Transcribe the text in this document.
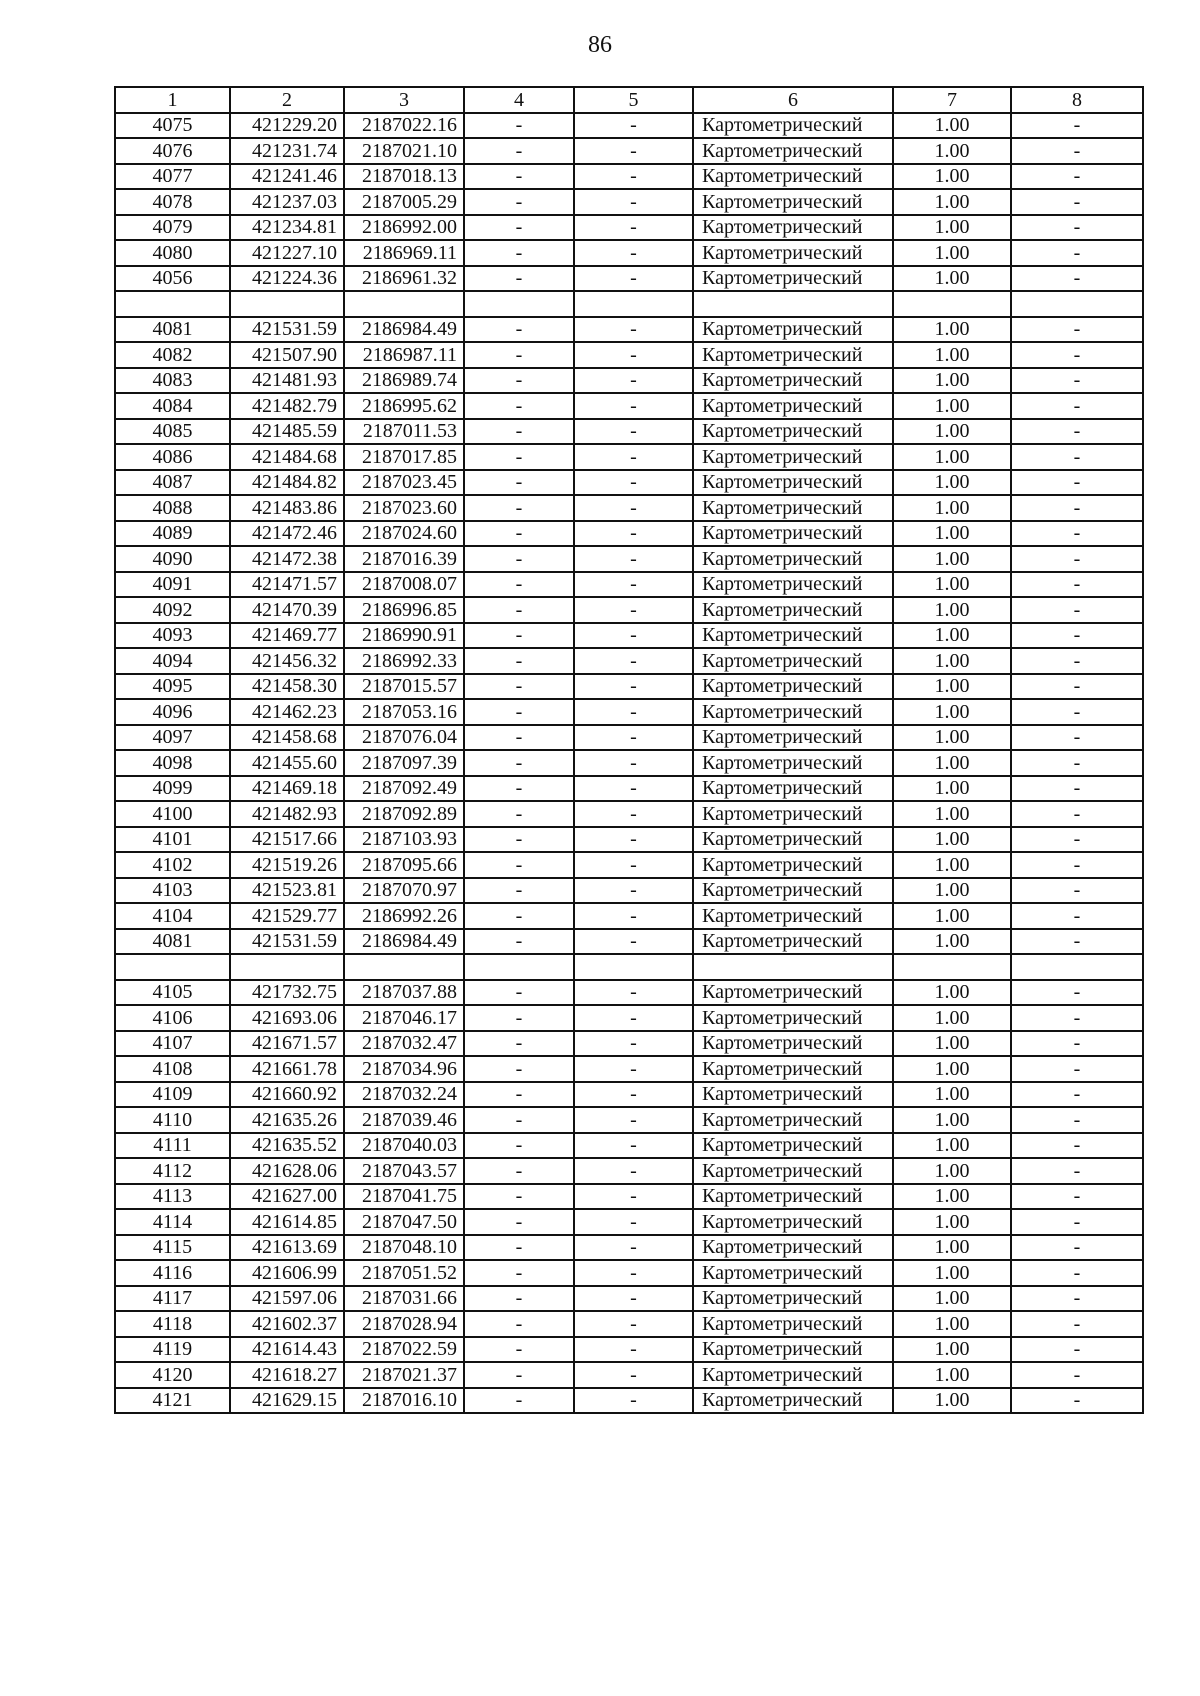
86
1	2	3	4	5	6	7	8
4075	421229.20	2187022.16	-	-	Картометрический	1.00	-
4076	421231.74	2187021.10	-	-	Картометрический	1.00	-
4077	421241.46	2187018.13	-	-	Картометрический	1.00	-
4078	421237.03	2187005.29	-	-	Картометрический	1.00	-
4079	421234.81	2186992.00	-	-	Картометрический	1.00	-
4080	421227.10	2186969.11	-	-	Картометрический	1.00	-
4056	421224.36	2186961.32	-	-	Картометрический	1.00	-

4081	421531.59	2186984.49	-	-	Картометрический	1.00	-
4082	421507.90	2186987.11	-	-	Картометрический	1.00	-
4083	421481.93	2186989.74	-	-	Картометрический	1.00	-
4084	421482.79	2186995.62	-	-	Картометрический	1.00	-
4085	421485.59	2187011.53	-	-	Картометрический	1.00	-
4086	421484.68	2187017.85	-	-	Картометрический	1.00	-
4087	421484.82	2187023.45	-	-	Картометрический	1.00	-
4088	421483.86	2187023.60	-	-	Картометрический	1.00	-
4089	421472.46	2187024.60	-	-	Картометрический	1.00	-
4090	421472.38	2187016.39	-	-	Картометрический	1.00	-
4091	421471.57	2187008.07	-	-	Картометрический	1.00	-
4092	421470.39	2186996.85	-	-	Картометрический	1.00	-
4093	421469.77	2186990.91	-	-	Картометрический	1.00	-
4094	421456.32	2186992.33	-	-	Картометрический	1.00	-
4095	421458.30	2187015.57	-	-	Картометрический	1.00	-
4096	421462.23	2187053.16	-	-	Картометрический	1.00	-
4097	421458.68	2187076.04	-	-	Картометрический	1.00	-
4098	421455.60	2187097.39	-	-	Картометрический	1.00	-
4099	421469.18	2187092.49	-	-	Картометрический	1.00	-
4100	421482.93	2187092.89	-	-	Картометрический	1.00	-
4101	421517.66	2187103.93	-	-	Картометрический	1.00	-
4102	421519.26	2187095.66	-	-	Картометрический	1.00	-
4103	421523.81	2187070.97	-	-	Картометрический	1.00	-
4104	421529.77	2186992.26	-	-	Картометрический	1.00	-
4081	421531.59	2186984.49	-	-	Картометрический	1.00	-

4105	421732.75	2187037.88	-	-	Картометрический	1.00	-
4106	421693.06	2187046.17	-	-	Картометрический	1.00	-
4107	421671.57	2187032.47	-	-	Картометрический	1.00	-
4108	421661.78	2187034.96	-	-	Картометрический	1.00	-
4109	421660.92	2187032.24	-	-	Картометрический	1.00	-
4110	421635.26	2187039.46	-	-	Картометрический	1.00	-
4111	421635.52	2187040.03	-	-	Картометрический	1.00	-
4112	421628.06	2187043.57	-	-	Картометрический	1.00	-
4113	421627.00	2187041.75	-	-	Картометрический	1.00	-
4114	421614.85	2187047.50	-	-	Картометрический	1.00	-
4115	421613.69	2187048.10	-	-	Картометрический	1.00	-
4116	421606.99	2187051.52	-	-	Картометрический	1.00	-
4117	421597.06	2187031.66	-	-	Картометрический	1.00	-
4118	421602.37	2187028.94	-	-	Картометрический	1.00	-
4119	421614.43	2187022.59	-	-	Картометрический	1.00	-
4120	421618.27	2187021.37	-	-	Картометрический	1.00	-
4121	421629.15	2187016.10	-	-	Картометрический	1.00	-
